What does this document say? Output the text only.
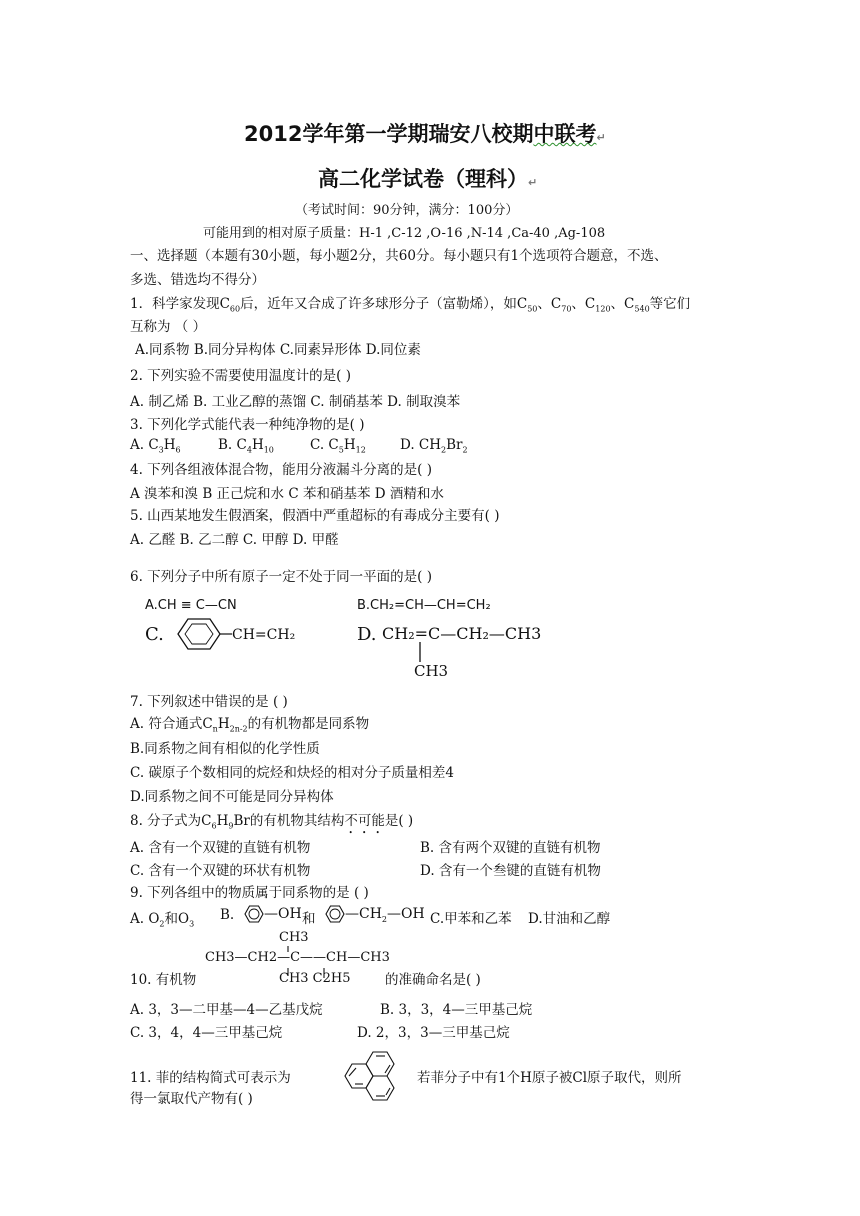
2012学年第一学期瑞安八校期中联考↵
高二化学试卷（理科）↵
（考试时间：90分钟，满分：100分）
可能用到的相对原子质量：H-1 ,C-12 ,O-16 ,N-14 ,Ca-40 ,Ag-108
一、选择题（本题有30小题，每小题2分，共60分。每小题只有1个选项符合题意，不选、
多选、错选均不得分）
1．科学家发现$C_{60}$后，近年又合成了许多球形分子（富勒烯），如$C_{50}$、$C_{70}$、$C_{120}$、$C_{540}$等它们
互称为 （ ）
A.同系物 B.同分异构体 C.同素异形体 D.同位素
2. 下列实验不需要使用温度计的是( )
A. 制乙烯 B. 工业乙醇的蒸馏 C. 制硝基苯 D. 制取溴苯
3. 下列化学式能代表一种纯净物的是( )
A. $C_3H_6$	B. $C_4H_{10}$	C. $C_5H_{12}$	D. $CH_2Br_2$
4. 下列各组液体混合物，能用分液漏斗分离的是( )
A 溴苯和溴 B 正己烷和水 C 苯和硝基苯 D 酒精和水
5. 山西某地发生假酒案，假酒中严重超标的有毒成分主要有( )
A. 乙醛 B. 乙二醇 C. 甲醇 D. 甲醛
6. 下列分子中所有原子一定不处于同一平面的是( )
A.CH ≡ C—CN	B.CH₂=CH—CH=CH₂
C.	CH=CH₂	D. CH₂=C—CH₂—CH3
CH3
7. 下列叙述中错误的是 ( )
A. 符合通式$C_nH_{2n-2}$的有机物都是同系物
B.同系物之间有相似的化学性质
C. 碳原子个数相同的烷烃和炔烃的相对分子质量相差4
D.同系物之间不可能是同分异构体
8. 分子式为$C_6H_9Br$的有机物其结构不可能是( )
A. 含有一个双键的直链有机物	B. 含有两个双键的直链有机物
C. 含有一个双键的环状有机物	D. 含有一个叁键的直链有机物
9. 下列各组中的物质属于同系物的是 ( )
A. $O_2$和$O_3$
B. —OH 和 $—CH_2—OH$ C.甲苯和乙苯 D.甘油和乙醇
CH3
CH3—CH2—C——CH—CH3
CH3 C2H5
10. 有机物	的准确命名是( )
A. 3，3—二甲基—4—乙基戊烷	B. 3，3，4—三甲基己烷
C. 3，4，4—三甲基己烷	D. 2，3，3—三甲基己烷
11. 菲的结构简式可表示为	若菲分子中有1个H原子被Cl原子取代，则所
得一氯取代产物有( )
